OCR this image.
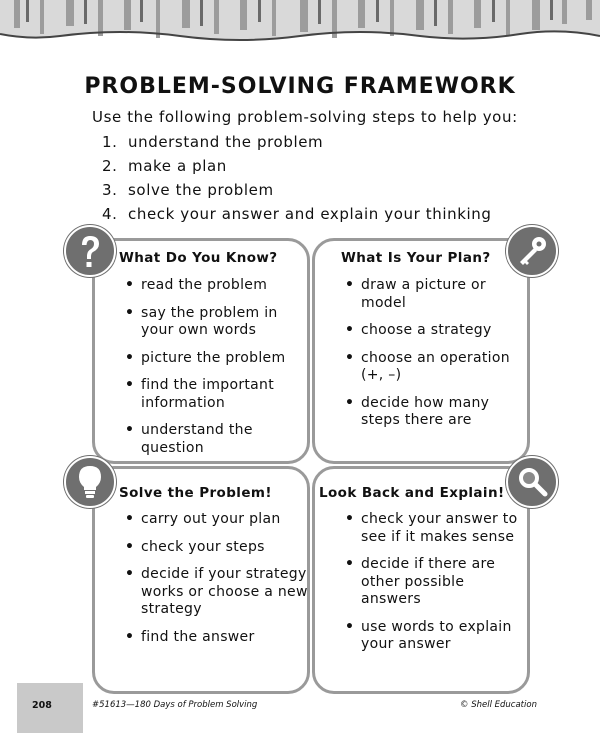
PROBLEM-SOLVING FRAMEWORK

Use the following problem-solving steps to help you:

1. understand the problem
2. make a plan
3. solve the problem
4. check your answer and explain your thinking
What Do You Know?
• read the problem
• say the problem in your own words
• picture the problem
• find the important information
• understand the question
What Is Your Plan?
• draw a picture or model
• choose a strategy
• choose an operation (+, –)
• decide how many steps there are
Solve the Problem!
• carry out your plan
• check your steps
• decide if your strategy works or choose a new strategy
• find the answer
Look Back and Explain!
• check your answer to see if it makes sense
• decide if there are other possible answers
• use words to explain your answer
208	#51613—180 Days of Problem Solving	© Shell Education
